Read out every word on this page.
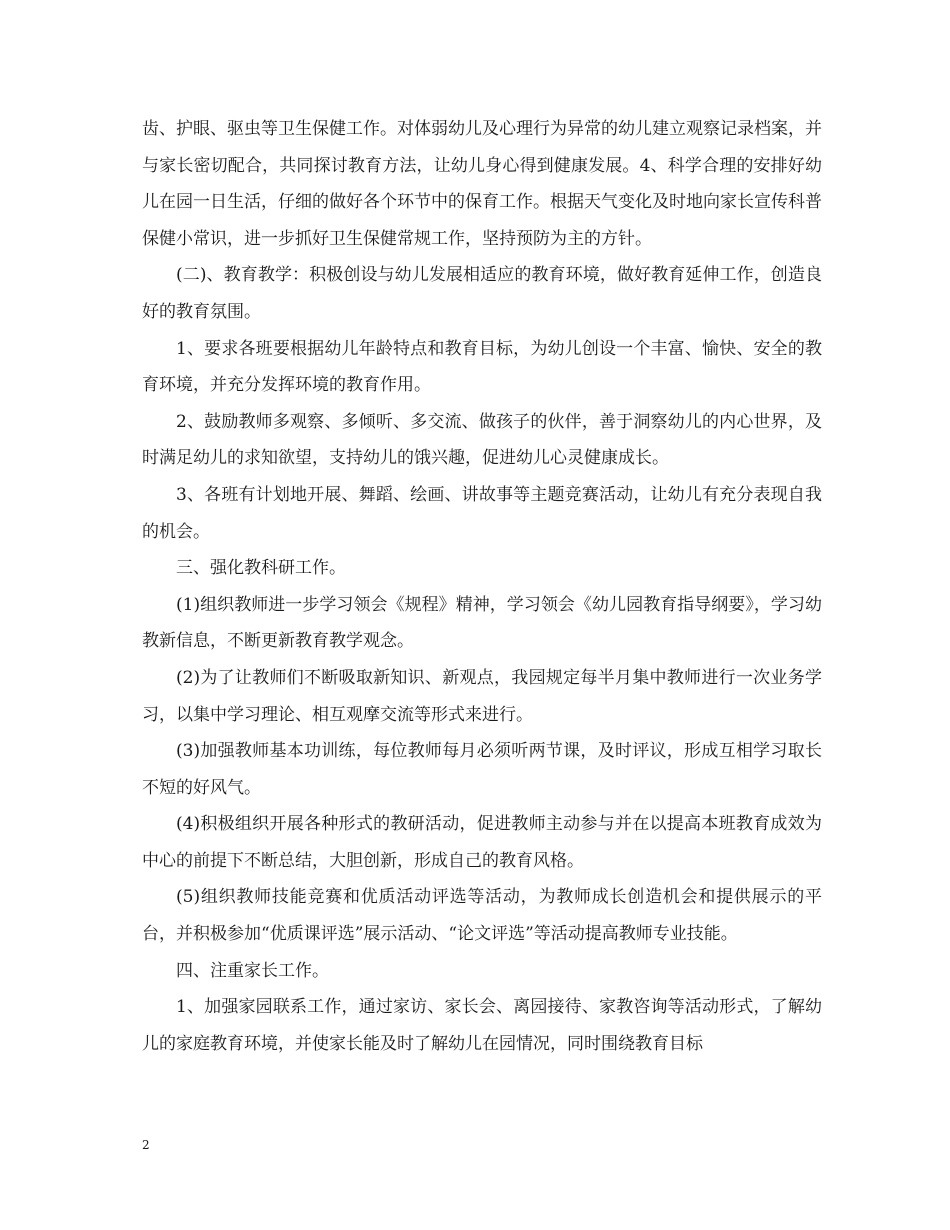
齿、护眼、驱虫等卫生保健工作。对体弱幼儿及心理行为异常的幼儿建立观察记录档案，并与家长密切配合，共同探讨教育方法，让幼儿身心得到健康发展。4、科学合理的安排好幼儿在园一日生活，仔细的做好各个环节中的保育工作。根据天气变化及时地向家长宣传科普保健小常识，进一步抓好卫生保健常规工作，坚持预防为主的方针。

(二)、教育教学：积极创设与幼儿发展相适应的教育环境，做好教育延伸工作，创造良好的教育氛围。

1、要求各班要根据幼儿年龄特点和教育目标，为幼儿创设一个丰富、愉快、安全的教育环境，并充分发挥环境的教育作用。

2、鼓励教师多观察、多倾听、多交流、做孩子的伙伴，善于洞察幼儿的内心世界，及时满足幼儿的求知欲望，支持幼儿的饿兴趣，促进幼儿心灵健康成长。

3、各班有计划地开展、舞蹈、绘画、讲故事等主题竞赛活动，让幼儿有充分表现自我的机会。

三、强化教科研工作。

(1)组织教师进一步学习领会《规程》精神，学习领会《幼儿园教育指导纲要》，学习幼教新信息，不断更新教育教学观念。

(2)为了让教师们不断吸取新知识、新观点，我园规定每半月集中教师进行一次业务学习，以集中学习理论、相互观摩交流等形式来进行。

(3)加强教师基本功训练，每位教师每月必须听两节课，及时评议，形成互相学习取长不短的好风气。

(4)积极组织开展各种形式的教研活动，促进教师主动参与并在以提高本班教育成效为中心的前提下不断总结，大胆创新，形成自己的教育风格。

(5)组织教师技能竞赛和优质活动评选等活动，为教师成长创造机会和提供展示的平台，并积极参加“优质课评选”展示活动、“论文评选”等活动提高教师专业技能。

四、注重家长工作。

1、加强家园联系工作，通过家访、家长会、离园接待、家教咨询等活动形式，了解幼儿的家庭教育环境，并使家长能及时了解幼儿在园情况，同时围绕教育目标

2
